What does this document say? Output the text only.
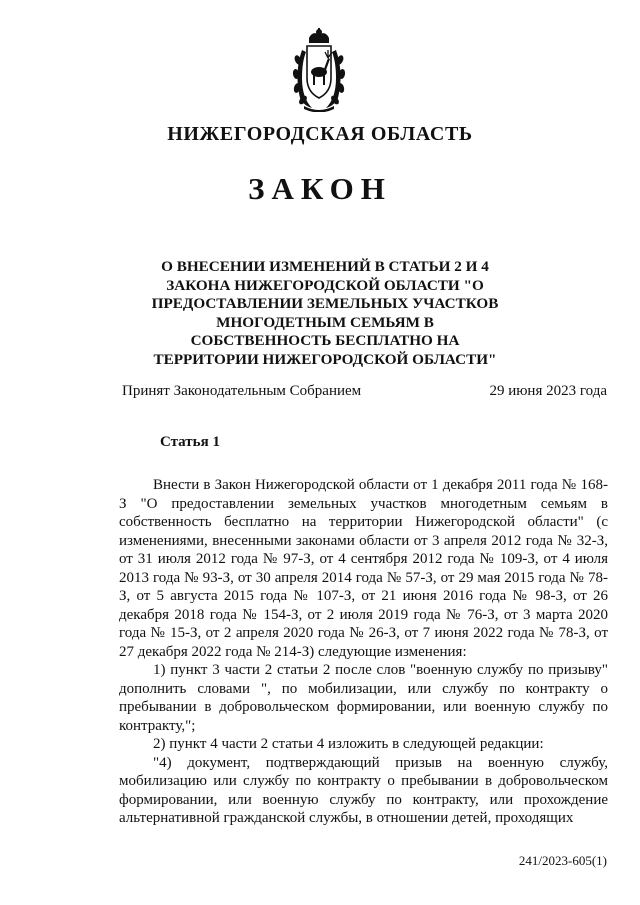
НИЖЕГОРОДСКАЯ ОБЛАСТЬ
ЗАКОН
О ВНЕСЕНИИ ИЗМЕНЕНИЙ В СТАТЬИ 2 И 4 ЗАКОНА НИЖЕГОРОДСКОЙ ОБЛАСТИ "О ПРЕДОСТАВЛЕНИИ ЗЕМЕЛЬНЫХ УЧАСТКОВ МНОГОДЕТНЫМ СЕМЬЯМ В СОБСТВЕННОСТЬ БЕСПЛАТНО НА ТЕРРИТОРИИ НИЖЕГОРОДСКОЙ ОБЛАСТИ"
Принят Законодательным Собранием	29 июня 2023 года
Статья 1

Внести в Закон Нижегородской области от 1 декабря 2011 года № 168-З "О предоставлении земельных участков многодетным семьям в собственность бесплатно на территории Нижегородской области" (с изменениями, внесенными законами области от 3 апреля 2012 года № 32-З, от 31 июля 2012 года № 97-З, от 4 сентября 2012 года № 109-З, от 4 июля 2013 года № 93-З, от 30 апреля 2014 года № 57-З, от 29 мая 2015 года № 78-З, от 5 августа 2015 года № 107-З, от 21 июня 2016 года № 98-З, от 26 декабря 2018 года № 154-З, от 2 июля 2019 года № 76-З, от 3 марта 2020 года № 15-З, от 2 апреля 2020 года № 26-З, от 7 июня 2022 года № 78-З, от 27 декабря 2022 года № 214-З) следующие изменения:

1) пункт 3 части 2 статьи 2 после слов "военную службу по призыву" дополнить словами ", по мобилизации, или службу по контракту о пребывании в добровольческом формировании, или военную службу по контракту,";

2) пункт 4 части 2 статьи 4 изложить в следующей редакции:

"4) документ, подтверждающий призыв на военную службу, мобилизацию или службу по контракту о пребывании в добровольческом формировании, или военную службу по контракту, или прохождение альтернативной гражданской службы, в отношении детей, проходящих

241/2023-605(1)
